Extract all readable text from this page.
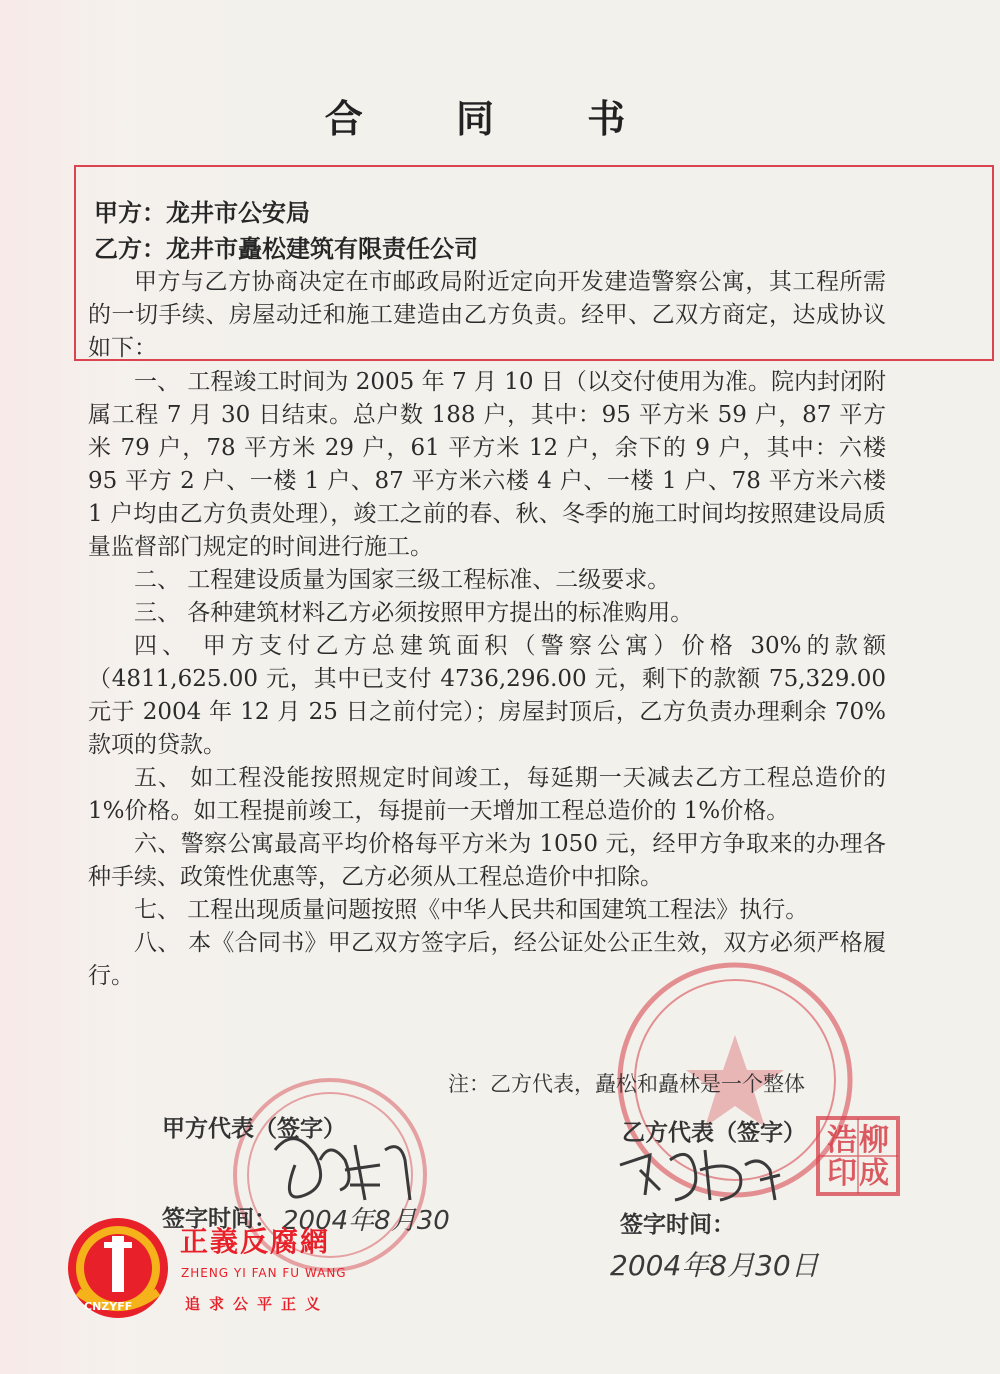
合 同 书
甲方：龙井市公安局
乙方：龙井市矗松建筑有限责任公司

甲方与乙方协商决定在市邮政局附近定向开发建造警察公寓，其工程所需的一切手续、房屋动迁和施工建造由乙方负责。经甲、乙双方商定，达成协议如下：

一、 工程竣工时间为 2005 年 7 月 10 日（以交付使用为准。院内封闭附属工程 7 月 30 日结束。总户数 188 户，其中：95 平方米 59 户，87 平方米 79 户，78 平方米 29 户，61 平方米 12 户，余下的 9 户，其中：六楼 95 平方 2 户、一楼 1 户、87 平方米六楼 4 户、一楼 1 户、78 平方米六楼 1 户均由乙方负责处理），竣工之前的春、秋、冬季的施工时间均按照建设局质量监督部门规定的时间进行施工。

二、 工程建设质量为国家三级工程标准、二级要求。

三、 各种建筑材料乙方必须按照甲方提出的标准购用。

四、 甲方支付乙方总建筑面积（警察公寓）价格 30%的款额（4811,625.00 元，其中已支付 4736,296.00 元，剩下的款额 75,329.00 元于 2004 年 12 月 25 日之前付完）；房屋封顶后，乙方负责办理剩余 70%款项的贷款。

五、 如工程没能按照规定时间竣工，每延期一天减去乙方工程总造价的 1%价格。如工程提前竣工，每提前一天增加工程总造价的 1%价格。

六、警察公寓最高平均价格每平方米为 1050 元，经甲方争取来的办理各种手续、政策性优惠等，乙方必须从工程总造价中扣除。

七、 工程出现质量问题按照《中华人民共和国建筑工程法》执行。

八、 本《合同书》甲乙双方签字后，经公证处公正生效，双方必须严格履行。

注：乙方代表，矗松和矗林是一个整体
甲方代表（签字）	乙方代表（签字）
签字时间：	签字时间：
2004年8月30
2004年8月30日
浩柳印成
CNZYFF
正義反腐網
ZHENG YI FAN FU WANG
追求公平正义
